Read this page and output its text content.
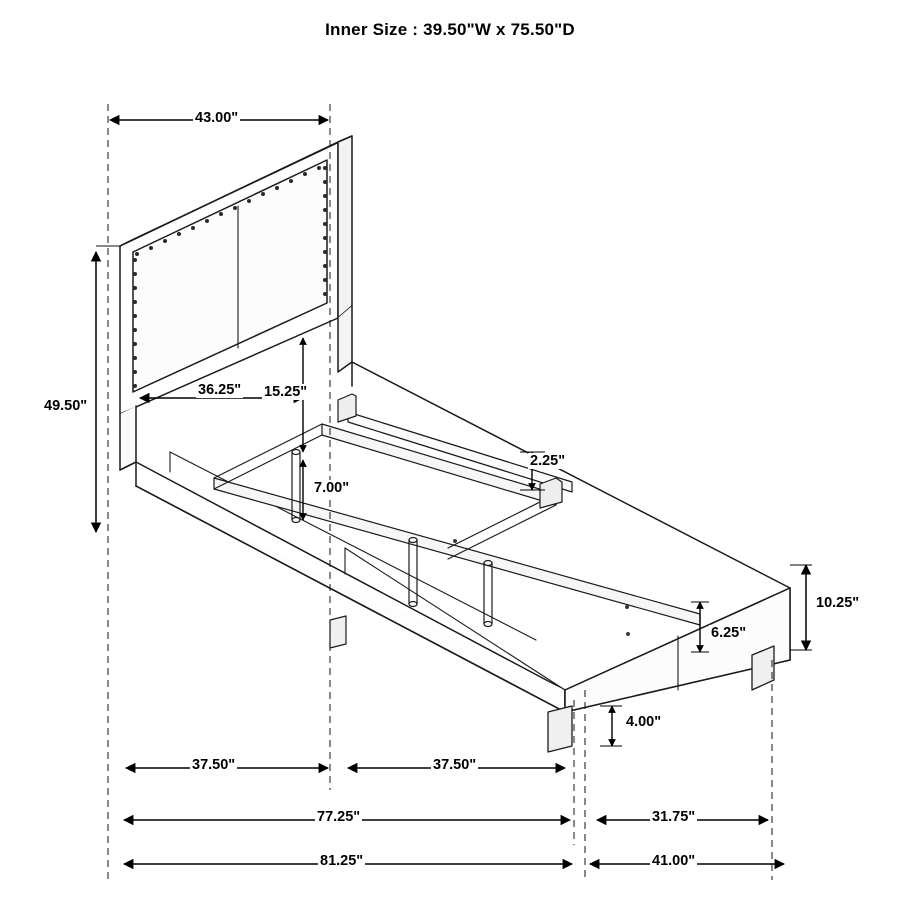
Inner Size : 39.50"W x 75.50"D
43.00"
49.50"
36.25" 15.25"
7.00"
2.25"
10.25"
6.25"
4.00"
37.50"	37.50"
77.25"	31.75"
81.25"	41.00"
